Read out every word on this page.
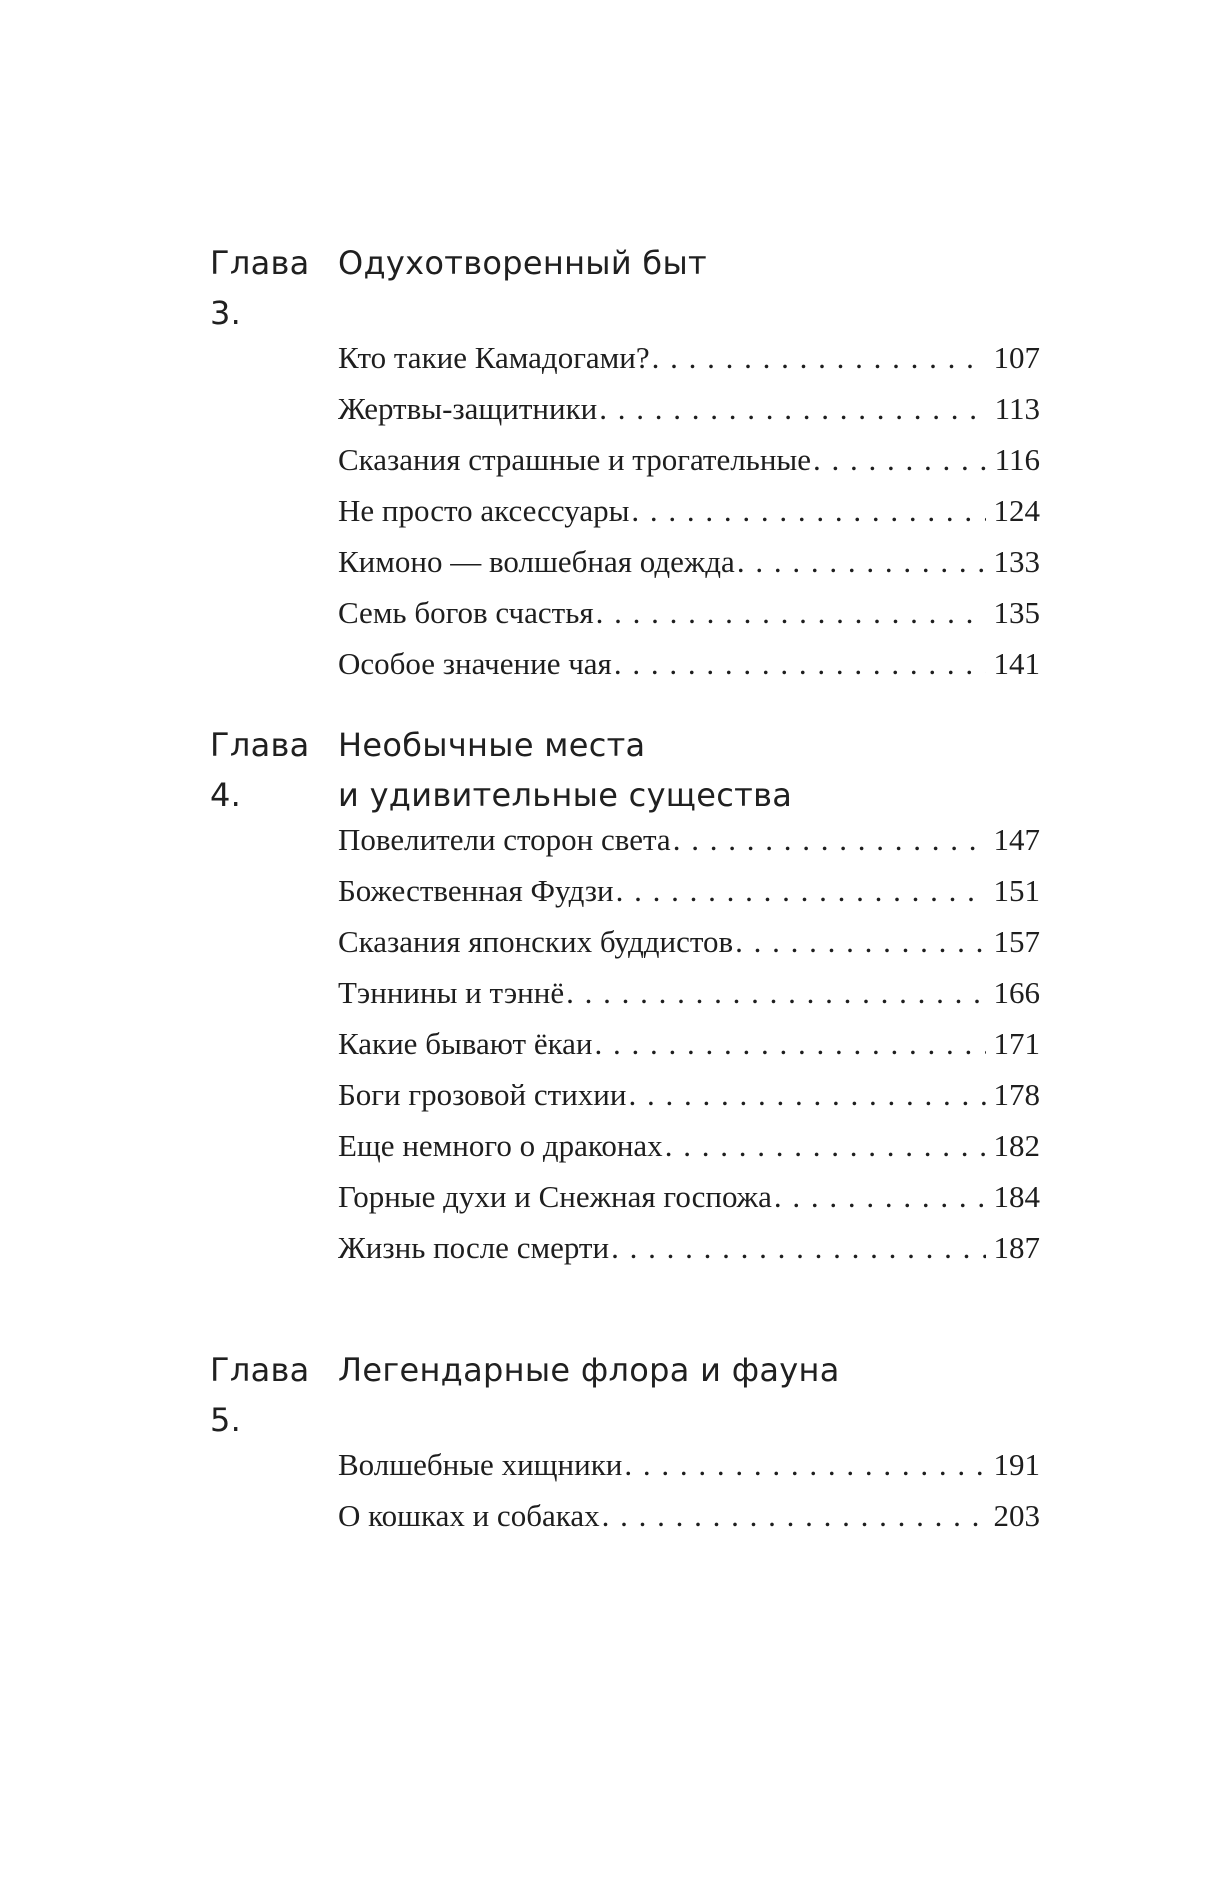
Глава 3.
Одухотворенный быт
Кто такие Камадогами? . . .	107
Жертвы-защитники . . .	113
Сказания страшные и трогательные . . .	116
Не просто аксессуары . . .	124
Кимоно — волшебная одежда . . .	133
Семь богов счастья . . .	135
Особое значение чая . . .	141
Глава 4.
Необычные места
и удивительные существа
Повелители сторон света . . .	147
Божественная Фудзи . . .	151
Сказания японских буддистов . . .	157
Тэннины и тэннё . . .	166
Какие бывают ёкаи . . .	171
Боги грозовой стихии . . .	178
Еще немного о драконах . . .	182
Горные духи и Снежная госпожа . . .	184
Жизнь после смерти . . .	187
Глава 5.
Легендарные флора и фауна
Волшебные хищники . . .	191
О кошках и собаках . . .	203
